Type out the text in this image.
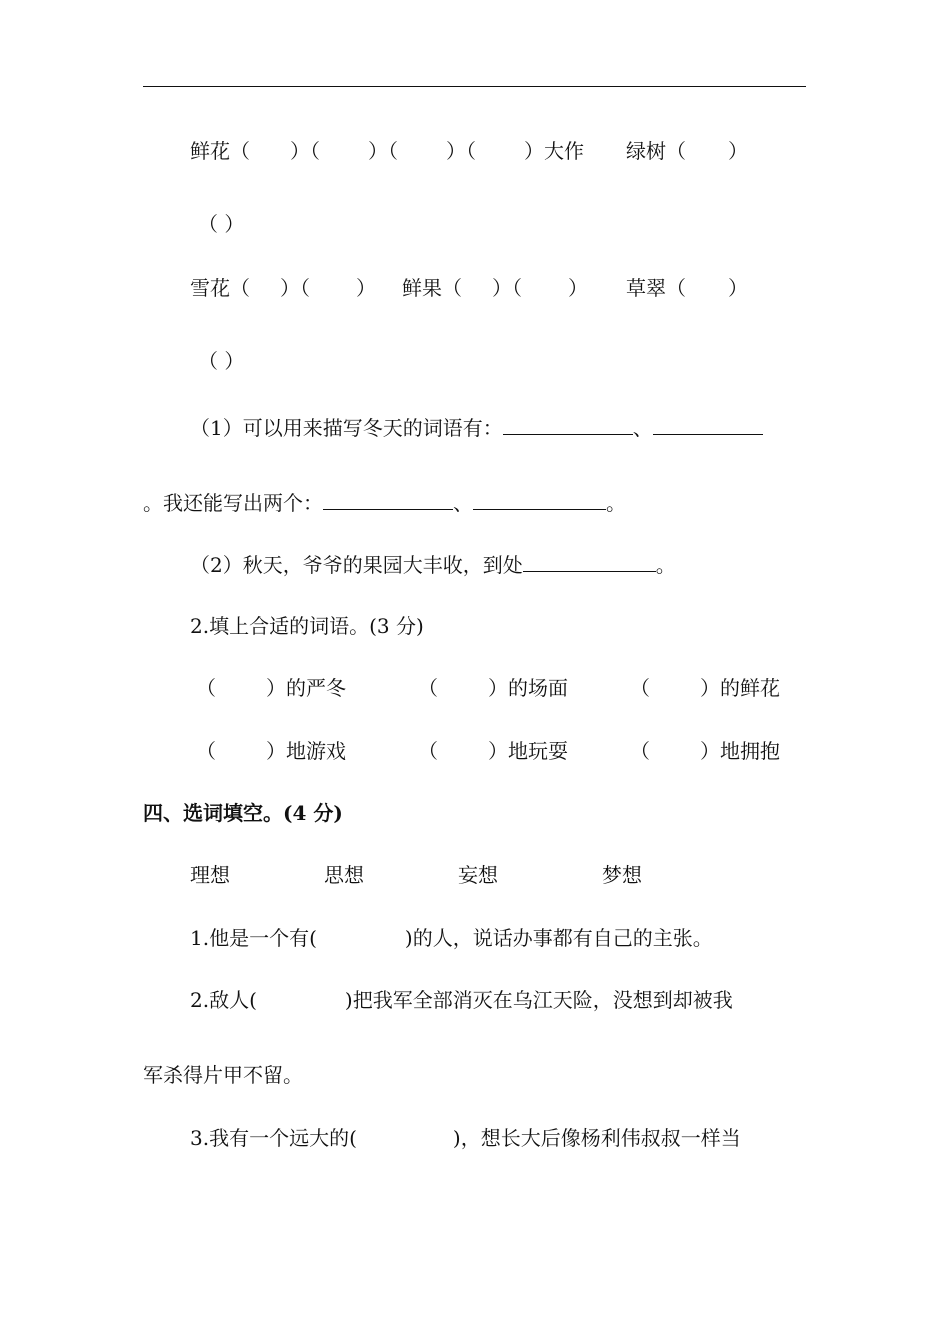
鲜花（ ）（ ）（ ）（ ）大作 绿树（ ）
（ ）
雪花（ ）（ ） 鲜果（ ）（ ） 草翠（ ）
（ ）
（1）可以用来描写冬天的词语有：	、
。我还能写出两个：	、	。
（2）秋天，爷爷的果园大丰收，到处	。
2.填上合适的词语。(3 分)
（	）的严冬	（	）的场面	（	）的鲜花
（	）地游戏	（	）地玩耍	（	）地拥抱
四、选词填空。(4 分)
理想	思想	妄想	梦想
1.他是一个有(	)的人，说话办事都有自己的主张。
2.敌人(	)把我军全部消灭在乌江天险，没想到却被我
军杀得片甲不留。
3.我有一个远大的(	)，想长大后像杨利伟叔叔一样当
